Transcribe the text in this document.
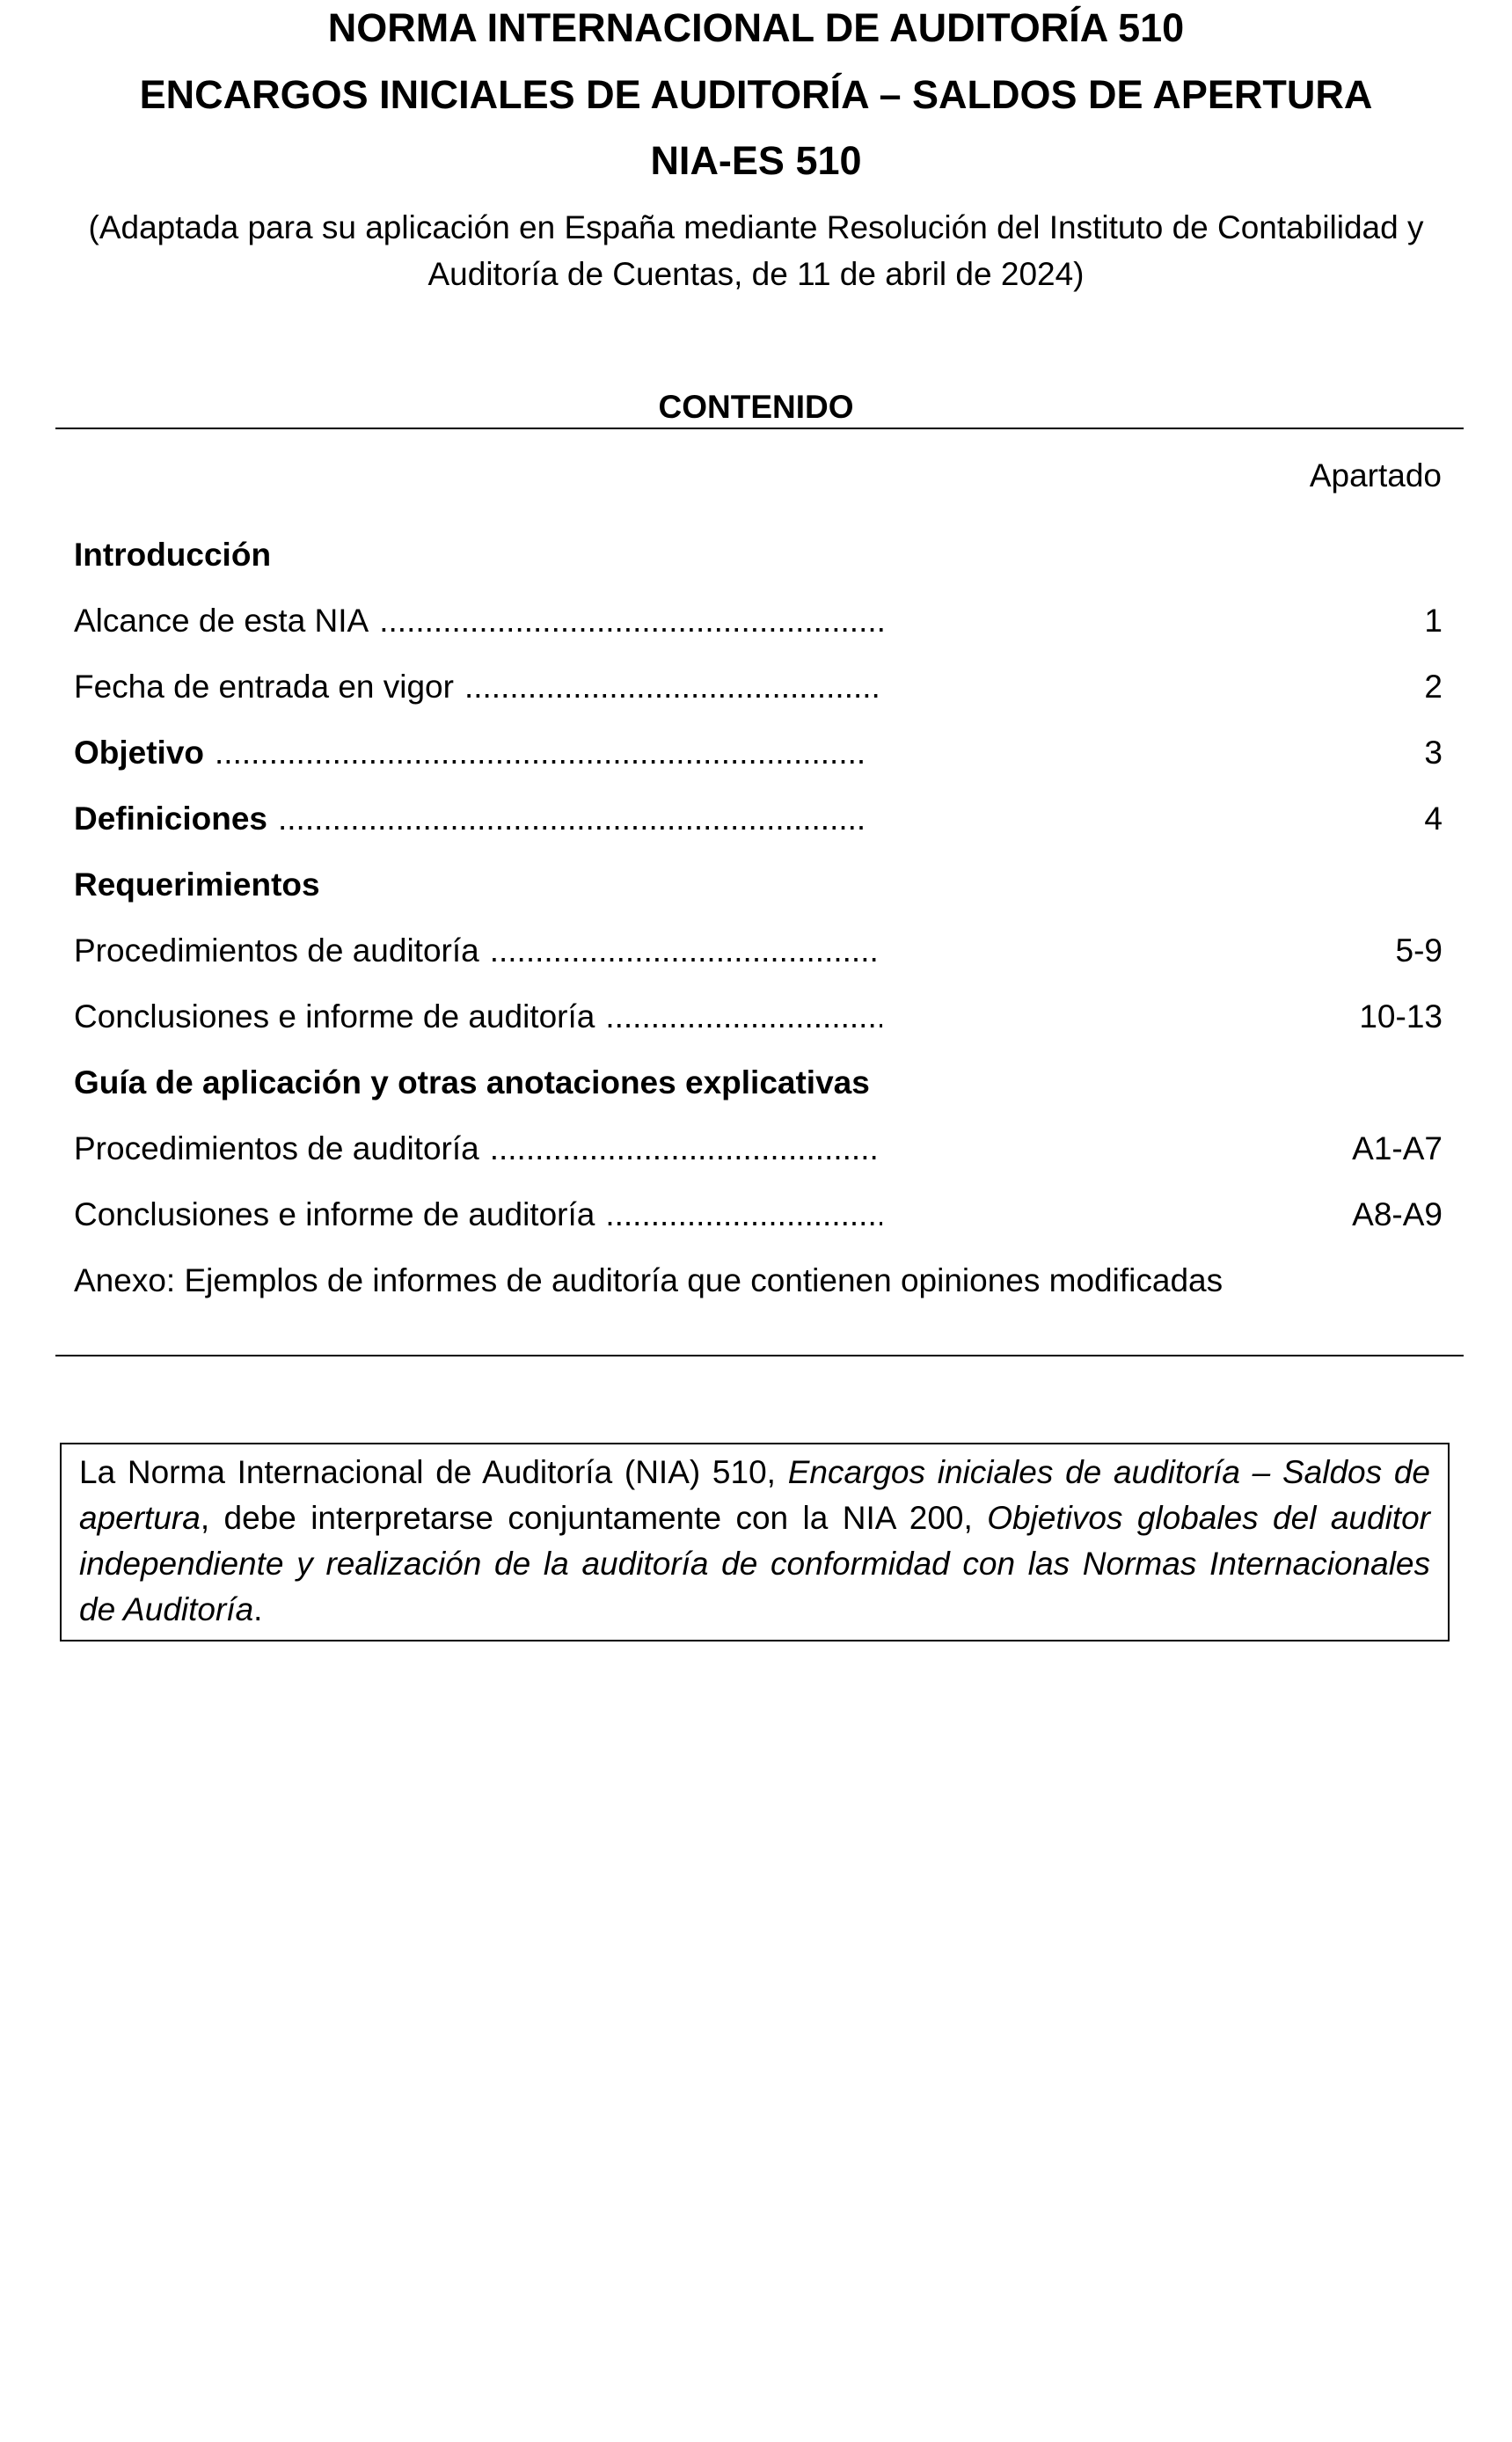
NORMA INTERNACIONAL DE AUDITORÍA 510
ENCARGOS INICIALES DE AUDITORÍA – SALDOS DE APERTURA
NIA-ES 510
(Adaptada para su aplicación en España mediante Resolución del Instituto de Contabilidad y Auditoría de Cuentas, de 11 de abril de 2024)
CONTENIDO
Apartado
Introducción
Alcance de esta NIA .....	1
Fecha de entrada en vigor .....	2
Objetivo .....	3
Definiciones .....	4
Requerimientos
Procedimientos de auditoría .....	5-9
Conclusiones e informe de auditoría .....	10-13
Guía de aplicación y otras anotaciones explicativas
Procedimientos de auditoría .....	A1-A7
Conclusiones e informe de auditoría .....	A8-A9
Anexo: Ejemplos de informes de auditoría que contienen opiniones modificadas
La Norma Internacional de Auditoría (NIA) 510, Encargos iniciales de auditoría – Saldos de apertura, debe interpretarse conjuntamente con la NIA 200, Objetivos globales del auditor independiente y realización de la auditoría de conformidad con las Normas Internacionales de Auditoría.
